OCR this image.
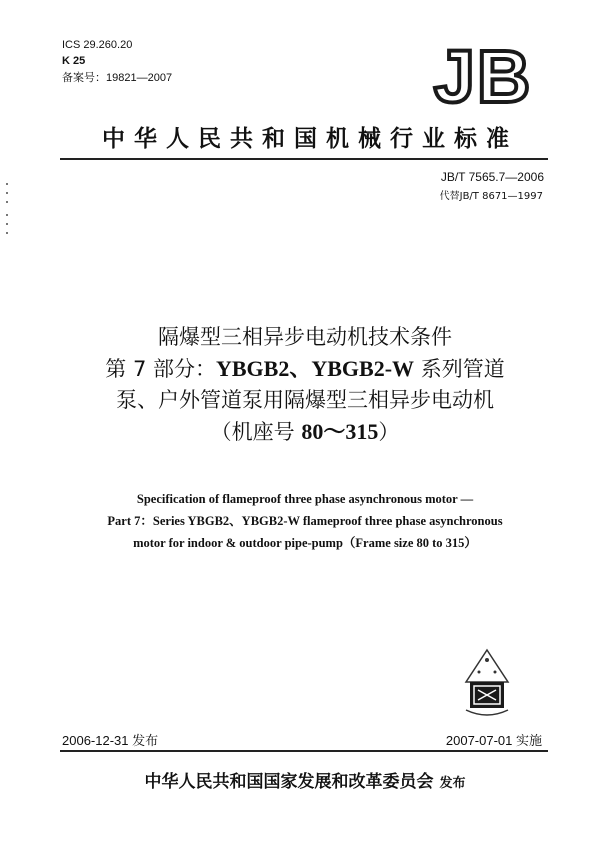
ICS 29.260.20
K 25
备案号：19821—2007	JB
中华人民共和国机械行业标准
JB/T 7565.7—2006
代替JB/T 8671—1997
隔爆型三相异步电动机技术条件
第 7 部分：YBGB2、YBGB2-W 系列管道
泵、户外管道泵用隔爆型三相异步电动机
（机座号 80～315）
Specification of flameproof three phase asynchronous motor —
Part 7：Series YBGB2、YBGB2-W flameproof three phase asynchronous
motor for indoor & outdoor pipe-pump（Frame size 80 to 315）
2006-12-31 发布	2007-07-01 实施
中华人民共和国国家发展和改革委员会 发布
